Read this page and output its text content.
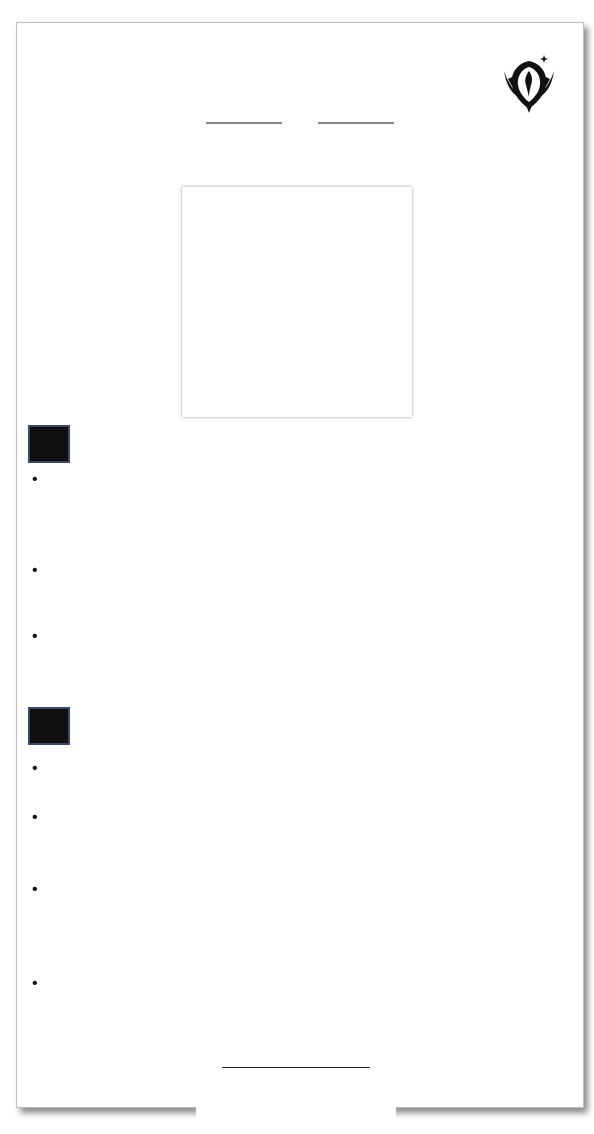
•

•

•

•

•

•

•
